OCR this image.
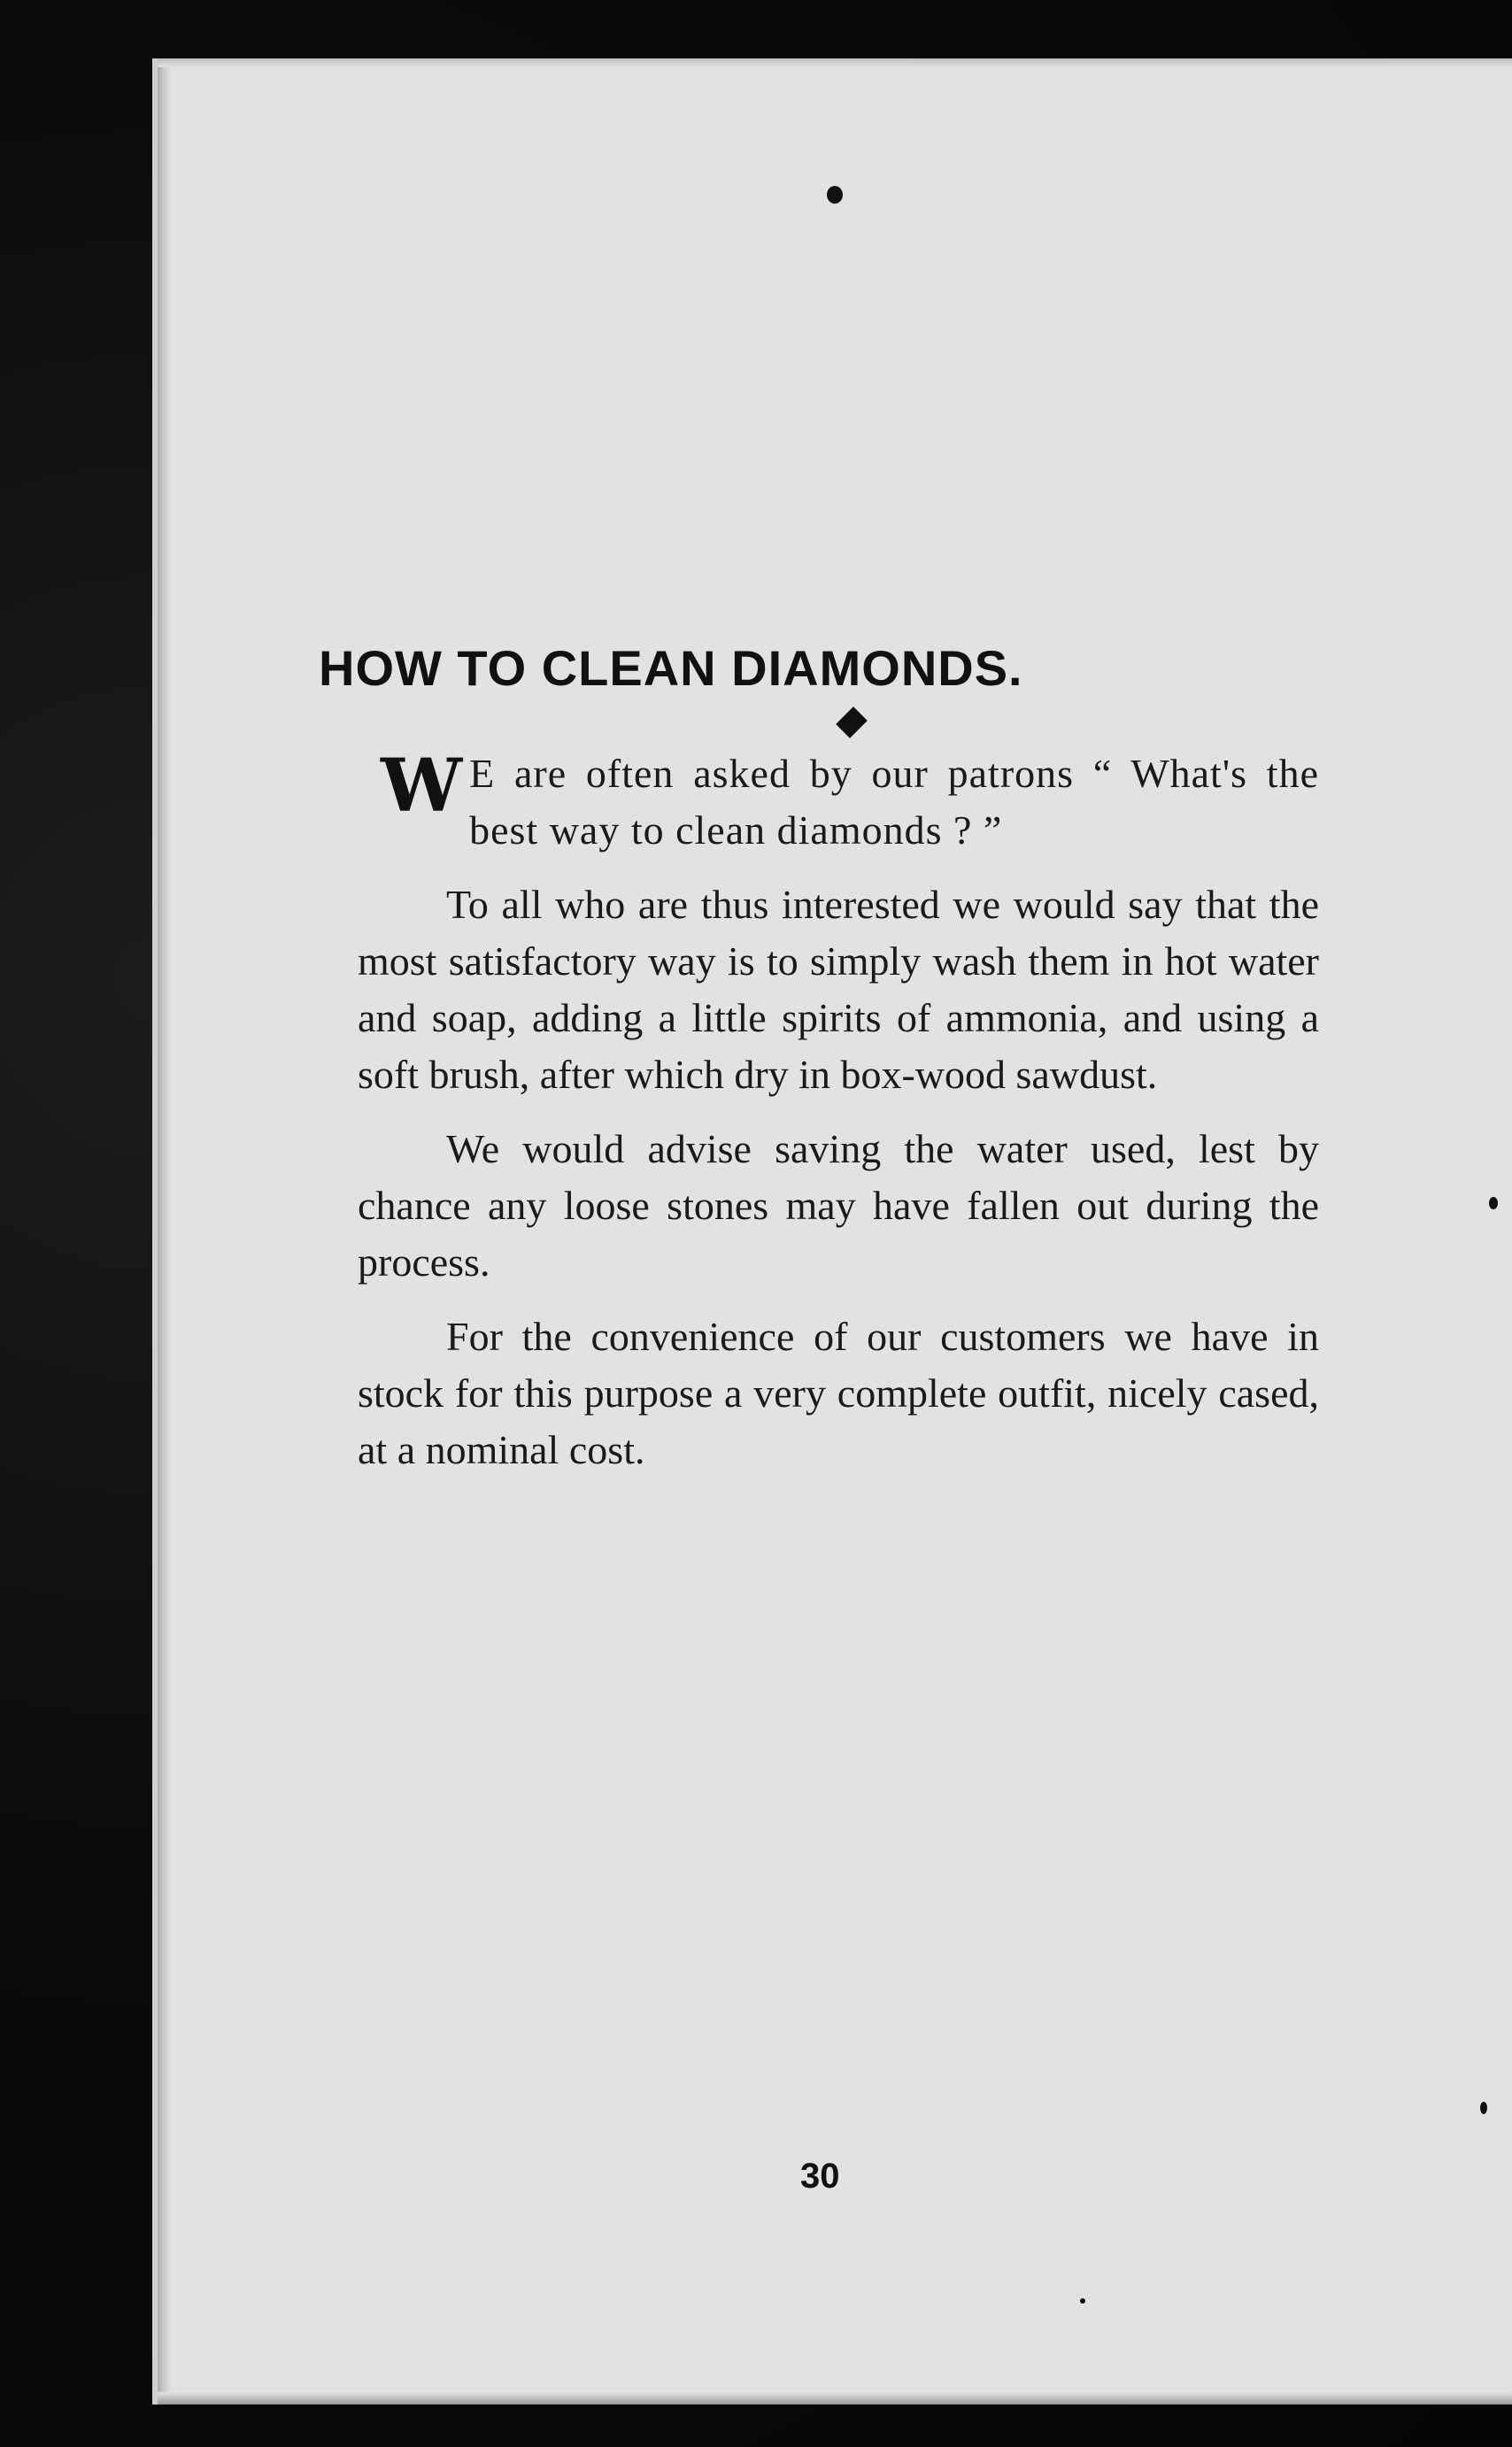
HOW TO CLEAN DIAMONDS.

W E are often asked by our patrons “ What's the best way to clean diamonds ? ”

To all who are thus interested we would say that the most satisfactory way is to simply wash them in hot water and soap, adding a little spirits of ammonia, and using a soft brush, after which dry in box-wood sawdust.

We would advise saving the water used, lest by chance any loose stones may have fallen out during the process.

For the convenience of our customers we have in stock for this purpose a very complete outfit, nicely cased, at a nominal cost.

30
